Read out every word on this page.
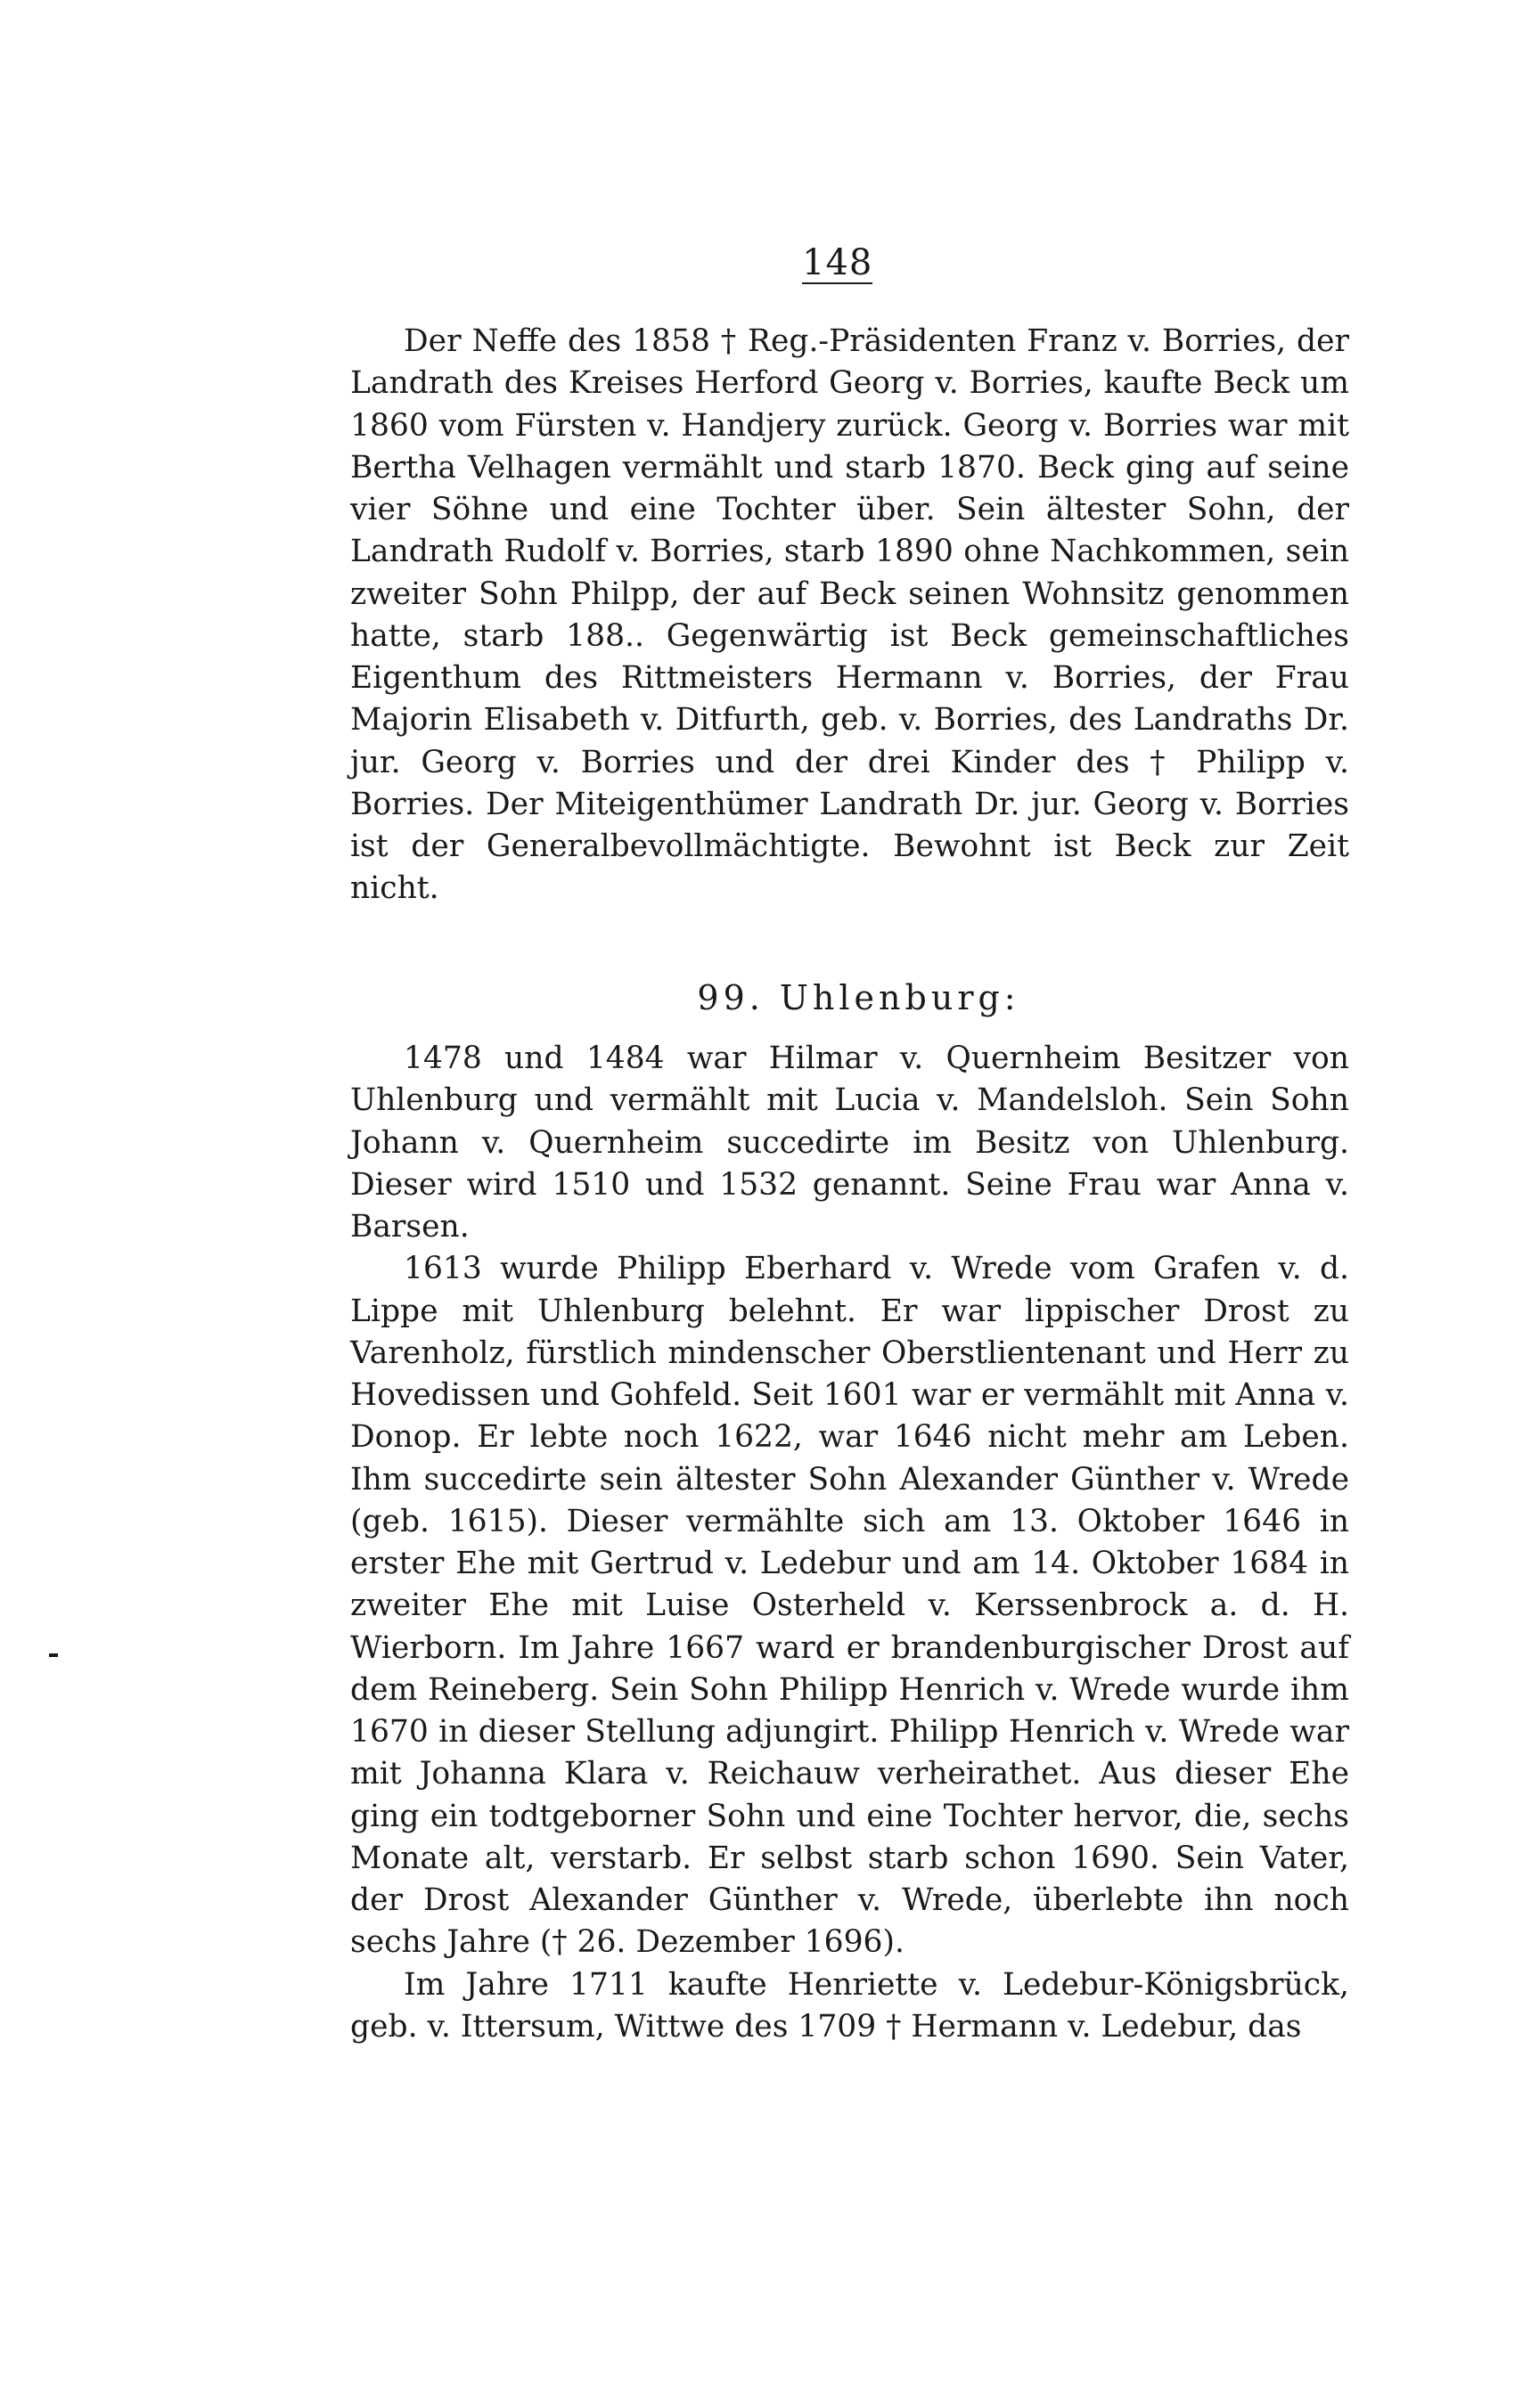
148

Der Neffe des 1858 † Reg.-Präsidenten Franz v. Borries, der Landrath des Kreises Herford Georg v. Borries, kaufte Beck um 1860 vom Fürsten v. Handjery zurück. Georg v. Borries war mit Bertha Velhagen vermählt und starb 1870. Beck ging auf seine vier Söhne und eine Tochter über. Sein ältester Sohn, der Landrath Rudolf v. Borries, starb 1890 ohne Nachkommen, sein zweiter Sohn Philpp, der auf Beck seinen Wohnsitz genommen hatte, starb 188.. Gegenwärtig ist Beck gemeinschaftliches Eigenthum des Rittmeisters Hermann v. Borries, der Frau Majorin Elisabeth v. Ditfurth, geb. v. Borries, des Landraths Dr. jur. Georg v. Borries und der drei Kinder des † Philipp v. Borries. Der Miteigenthümer Landrath Dr. jur. Georg v. Borries ist der Generalbevollmächtigte. Bewohnt ist Beck zur Zeit nicht.

99. Uhlenburg:

1478 und 1484 war Hilmar v. Quernheim Besitzer von Uhlenburg und vermählt mit Lucia v. Mandelsloh. Sein Sohn Johann v. Quernheim succedirte im Besitz von Uhlenburg. Dieser wird 1510 und 1532 genannt. Seine Frau war Anna v. Barsen.

1613 wurde Philipp Eberhard v. Wrede vom Grafen v. d. Lippe mit Uhlenburg belehnt. Er war lippischer Drost zu Varenholz, fürstlich mindenscher Oberstlientenant und Herr zu Hovedissen und Gohfeld. Seit 1601 war er vermählt mit Anna v. Donop. Er lebte noch 1622, war 1646 nicht mehr am Leben. Ihm succedirte sein ältester Sohn Alexander Günther v. Wrede (geb. 1615). Dieser vermählte sich am 13. Oktober 1646 in erster Ehe mit Gertrud v. Ledebur und am 14. Oktober 1684 in zweiter Ehe mit Luise Osterheld v. Kerssenbrock a. d. H. Wierborn. Im Jahre 1667 ward er brandenburgischer Drost auf dem Reineberg. Sein Sohn Philipp Henrich v. Wrede wurde ihm 1670 in dieser Stellung adjungirt. Philipp Henrich v. Wrede war mit Johanna Klara v. Reichauw verheirathet. Aus dieser Ehe ging ein todtgeborner Sohn und eine Tochter hervor, die, sechs Monate alt, verstarb. Er selbst starb schon 1690. Sein Vater, der Drost Alexander Günther v. Wrede, überlebte ihn noch sechs Jahre († 26. Dezember 1696).

Im Jahre 1711 kaufte Henriette v. Ledebur-Königsbrück, geb. v. Ittersum, Wittwe des 1709 † Hermann v. Ledebur, das
